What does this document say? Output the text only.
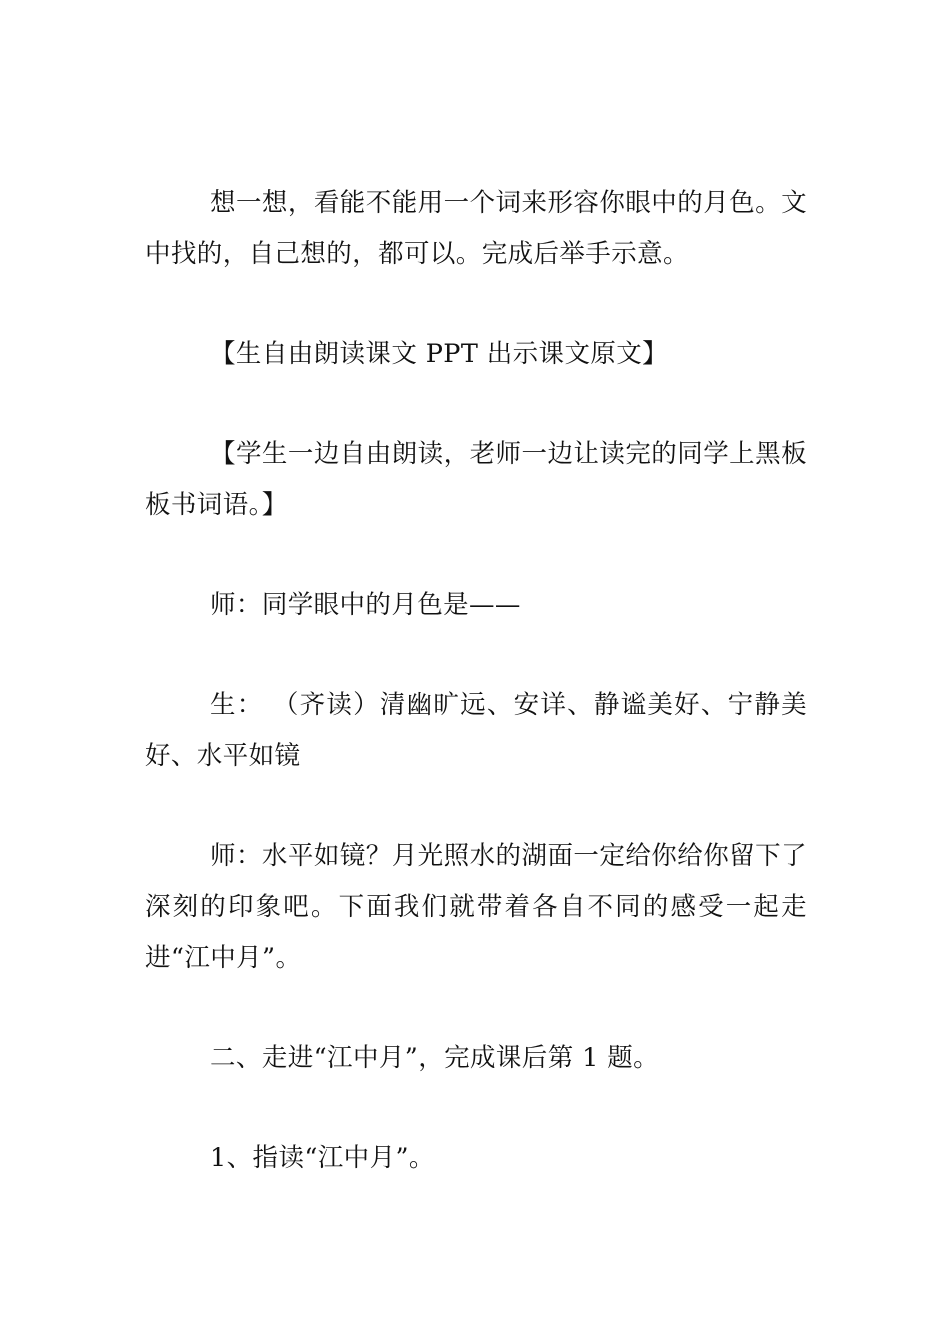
想一想，看能不能用一个词来形容你眼中的月色。文中找的，自己想的，都可以。完成后举手示意。

【生自由朗读课文 PPT 出示课文原文】

【学生一边自由朗读，老师一边让读完的同学上黑板板书词语。】

师：同学眼中的月色是——

生： （齐读）清幽旷远、安详、静谧美好、宁静美好、水平如镜

师：水平如镜？月光照水的湖面一定给你给你留下了深刻的印象吧。下面我们就带着各自不同的感受一起走进“江中月”。

二、走进“江中月”，完成课后第 1 题。

1、指读“江中月”。
